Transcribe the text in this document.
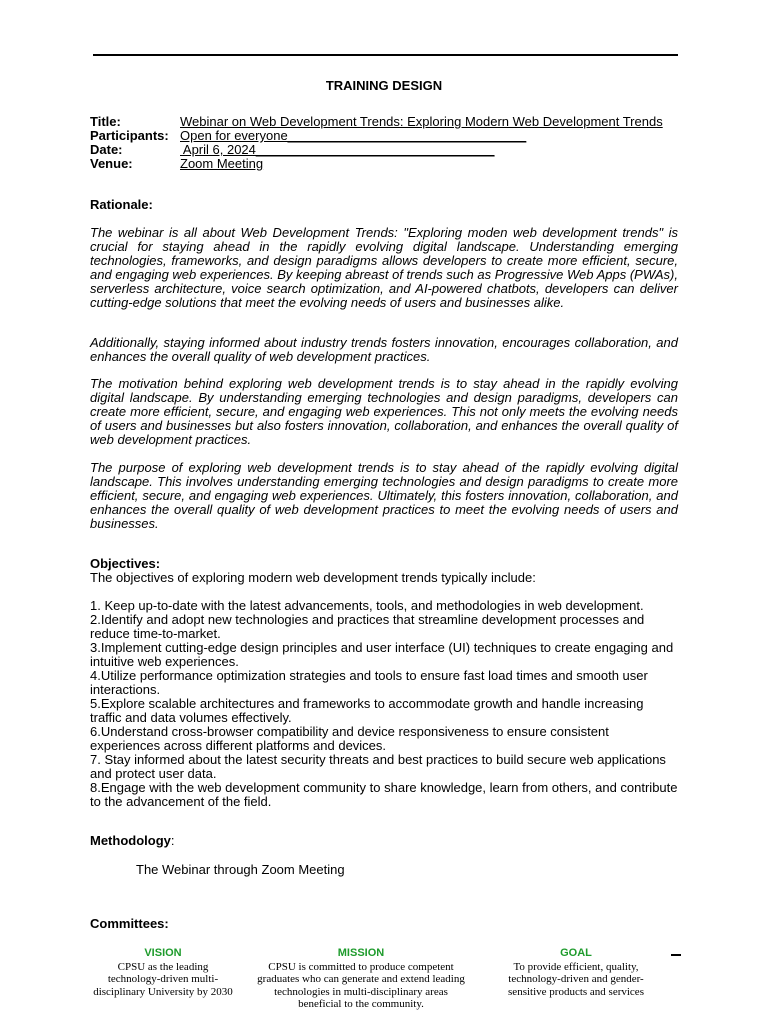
TRAINING DESIGN
Title:	Webinar on Web Development Trends: Exploring Modern Web Development Trends
Participants: Open for everyone_________________________________
Date:	April 6, 2024_________________________________
Venue:	Zoom Meeting
Rationale:

The webinar is all about Web Development Trends: "Exploring moden web development trends" is crucial for staying ahead in the rapidly evolving digital landscape. Understanding emerging technologies, frameworks, and design paradigms allows developers to create more efficient, secure, and engaging web experiences. By keeping abreast of trends such as Progressive Web Apps (PWAs), serverless architecture, voice search optimization, and AI-powered chatbots, developers can deliver cutting-edge solutions that meet the evolving needs of users and businesses alike.

Additionally, staying informed about industry trends fosters innovation, encourages collaboration, and enhances the overall quality of web development practices.

The motivation behind exploring web development trends is to stay ahead in the rapidly evolving digital landscape. By understanding emerging technologies and design paradigms, developers can create more efficient, secure, and engaging web experiences. This not only meets the evolving needs of users and businesses but also fosters innovation, collaboration, and enhances the overall quality of web development practices.

The purpose of exploring web development trends is to stay ahead of the rapidly evolving digital landscape. This involves understanding emerging technologies and design paradigms to create more efficient, secure, and engaging web experiences. Ultimately, this fosters innovation, collaboration, and enhances the overall quality of web development practices to meet the evolving needs of users and businesses.

Objectives:

The objectives of exploring modern web development trends typically include:

1. Keep up-to-date with the latest advancements, tools, and methodologies in web development.

2.Identify and adopt new technologies and practices that streamline development processes and reduce time-to-market.

3.Implement cutting-edge design principles and user interface (UI) techniques to create engaging and intuitive web experiences.

4.Utilize performance optimization strategies and tools to ensure fast load times and smooth user interactions.

5.Explore scalable architectures and frameworks to accommodate growth and handle increasing traffic and data volumes effectively.

6.Understand cross-browser compatibility and device responsiveness to ensure consistent experiences across different platforms and devices.

7. Stay informed about the latest security threats and best practices to build secure web applications and protect user data.

8.Engage with the web development community to share knowledge, learn from others, and contribute to the advancement of the field.

Methodology:
The Webinar through Zoom Meeting
Committees:
VISION
CPSU as the leading technology-driven multi-disciplinary University by 2030
MISSION
CPSU is committed to produce competent graduates who can generate and extend leading technologies in multi-disciplinary areas beneficial to the community.
GOAL
To provide efficient, quality, technology-driven and gender-sensitive products and services
